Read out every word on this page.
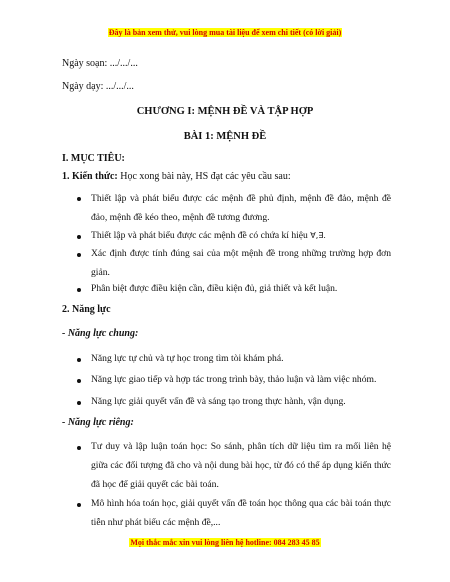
Đây là bản xem thử, vui lòng mua tài liệu để xem chi tiết (có lời giải)
Ngày soạn: .../.../...
Ngày dạy: .../.../...
CHƯƠNG I: MỆNH ĐỀ VÀ TẬP HỢP
BÀI 1: MỆNH ĐỀ
I. MỤC TIÊU:
1. Kiến thức: Học xong bài này, HS đạt các yêu cầu sau:
Thiết lập và phát biểu được các mệnh đề phủ định, mệnh đề đảo, mệnh đề đảo, mệnh đề kéo theo, mệnh đề tương đương.
Thiết lập và phát biểu được các mệnh đề có chứa kí hiệu ∀,∃.
Xác định được tính đúng sai của một mệnh đề trong những trường hợp đơn giản.
Phân biệt được điều kiện cần, điều kiện đủ, giả thiết và kết luận.
2. Năng lực
- Năng lực chung:
Năng lực tự chủ và tự học trong tìm tòi khám phá.
Năng lực giao tiếp và hợp tác trong trình bày, thảo luận và làm việc nhóm.
Năng lực giải quyết vấn đề và sáng tạo trong thực hành, vận dụng.
- Năng lực riêng:
Tư duy và lập luận toán học: So sánh, phân tích dữ liệu tìm ra mối liên hệ giữa các đối tượng đã cho và nội dung bài học, từ đó có thể áp dụng kiến thức đã học để giải quyết các bài toán.
Mô hình hóa toán học, giải quyết vấn đề toán học thông qua các bài toán thực tiễn như phát biểu các mệnh đề,...
Mọi thắc mắc xin vui lòng liên hệ hotline: 084 283 45 85
